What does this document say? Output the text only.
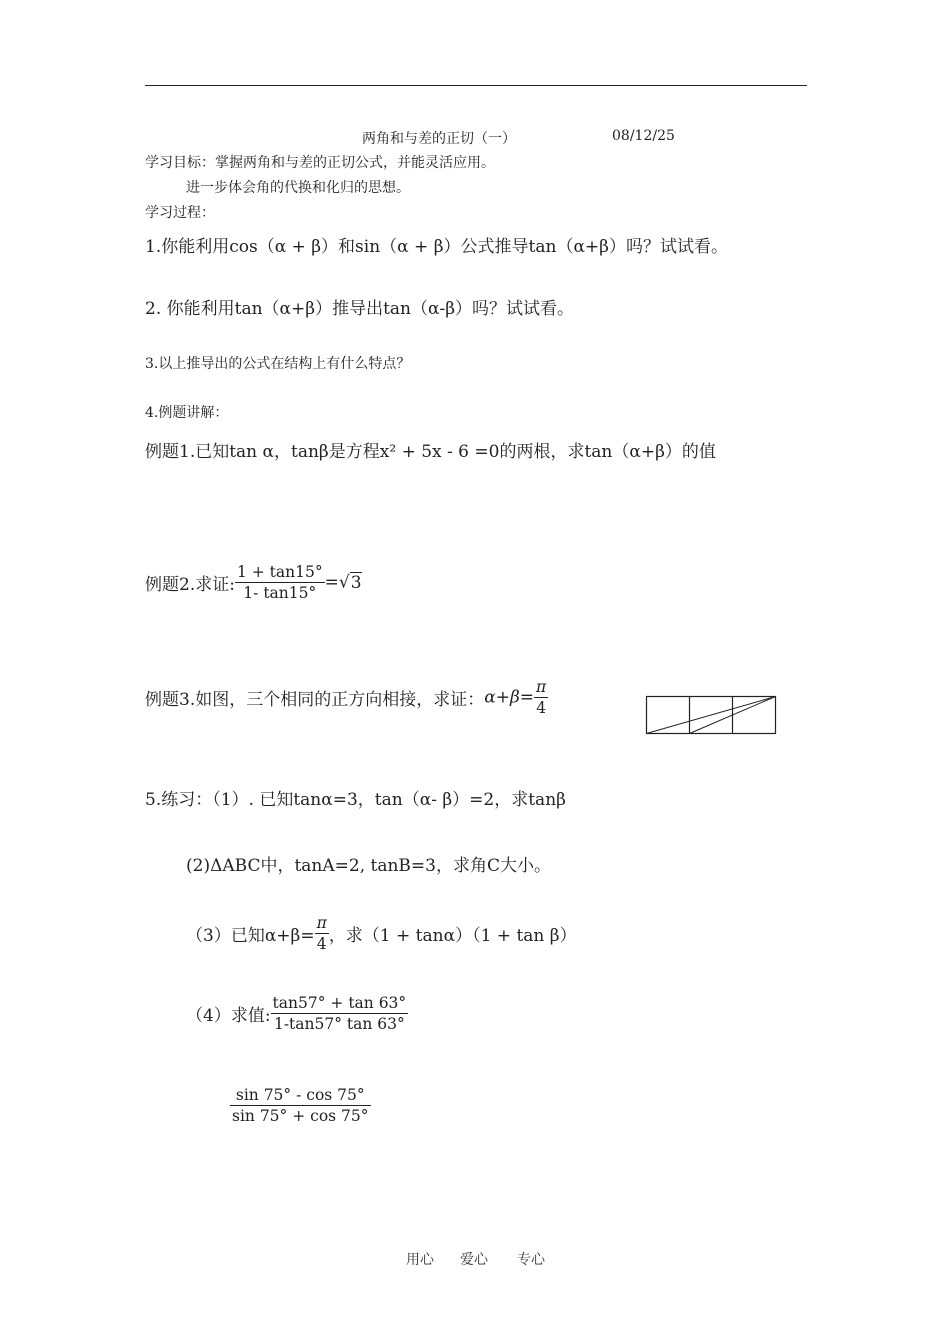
两角和与差的正切（一）	08/12/25
学习目标：掌握两角和与差的正切公式，并能灵活应用。
进一步体会角的代换和化归的思想。
学习过程：
1.你能利用cos（α + β）和sin（α + β）公式推导tan（α+β）吗？试试看。
2. 你能利用tan（α+β）推导出tan（α-β）吗？试试看。
3.以上推导出的公式在结构上有什么特点？
4.例题讲解：
例题1.已知tan α，tanβ是方程x² + 5x - 6 =0的两根，求tan（α+β）的值
例题2.求证: $\frac{1 + \tan 15^\circ}{1- \tan 15^\circ} =√3$
例题3.如图，三个相同的正方向相接，求证：$\alpha+\beta= \frac{\pi}{4}$
5.练习：（1）. 已知tanα=3，tan（α- β）=2，求tanβ
(2)ΔABC中，tanA=2, tanB=3，求角C大小。
（3）已知$\alpha+\beta= \frac{\pi}{4}$ ，求（1 + tanα）（1 + tan β）
（4）求值: $\frac{\tan 57^\circ + \tan 63^\circ}{1-\tan 57^\circ \tan 63^\circ}$
$\frac{\sin 75^\circ - \cos 75^\circ}{\sin 75^\circ + \cos 75^\circ}$
用心 爱心 专心
